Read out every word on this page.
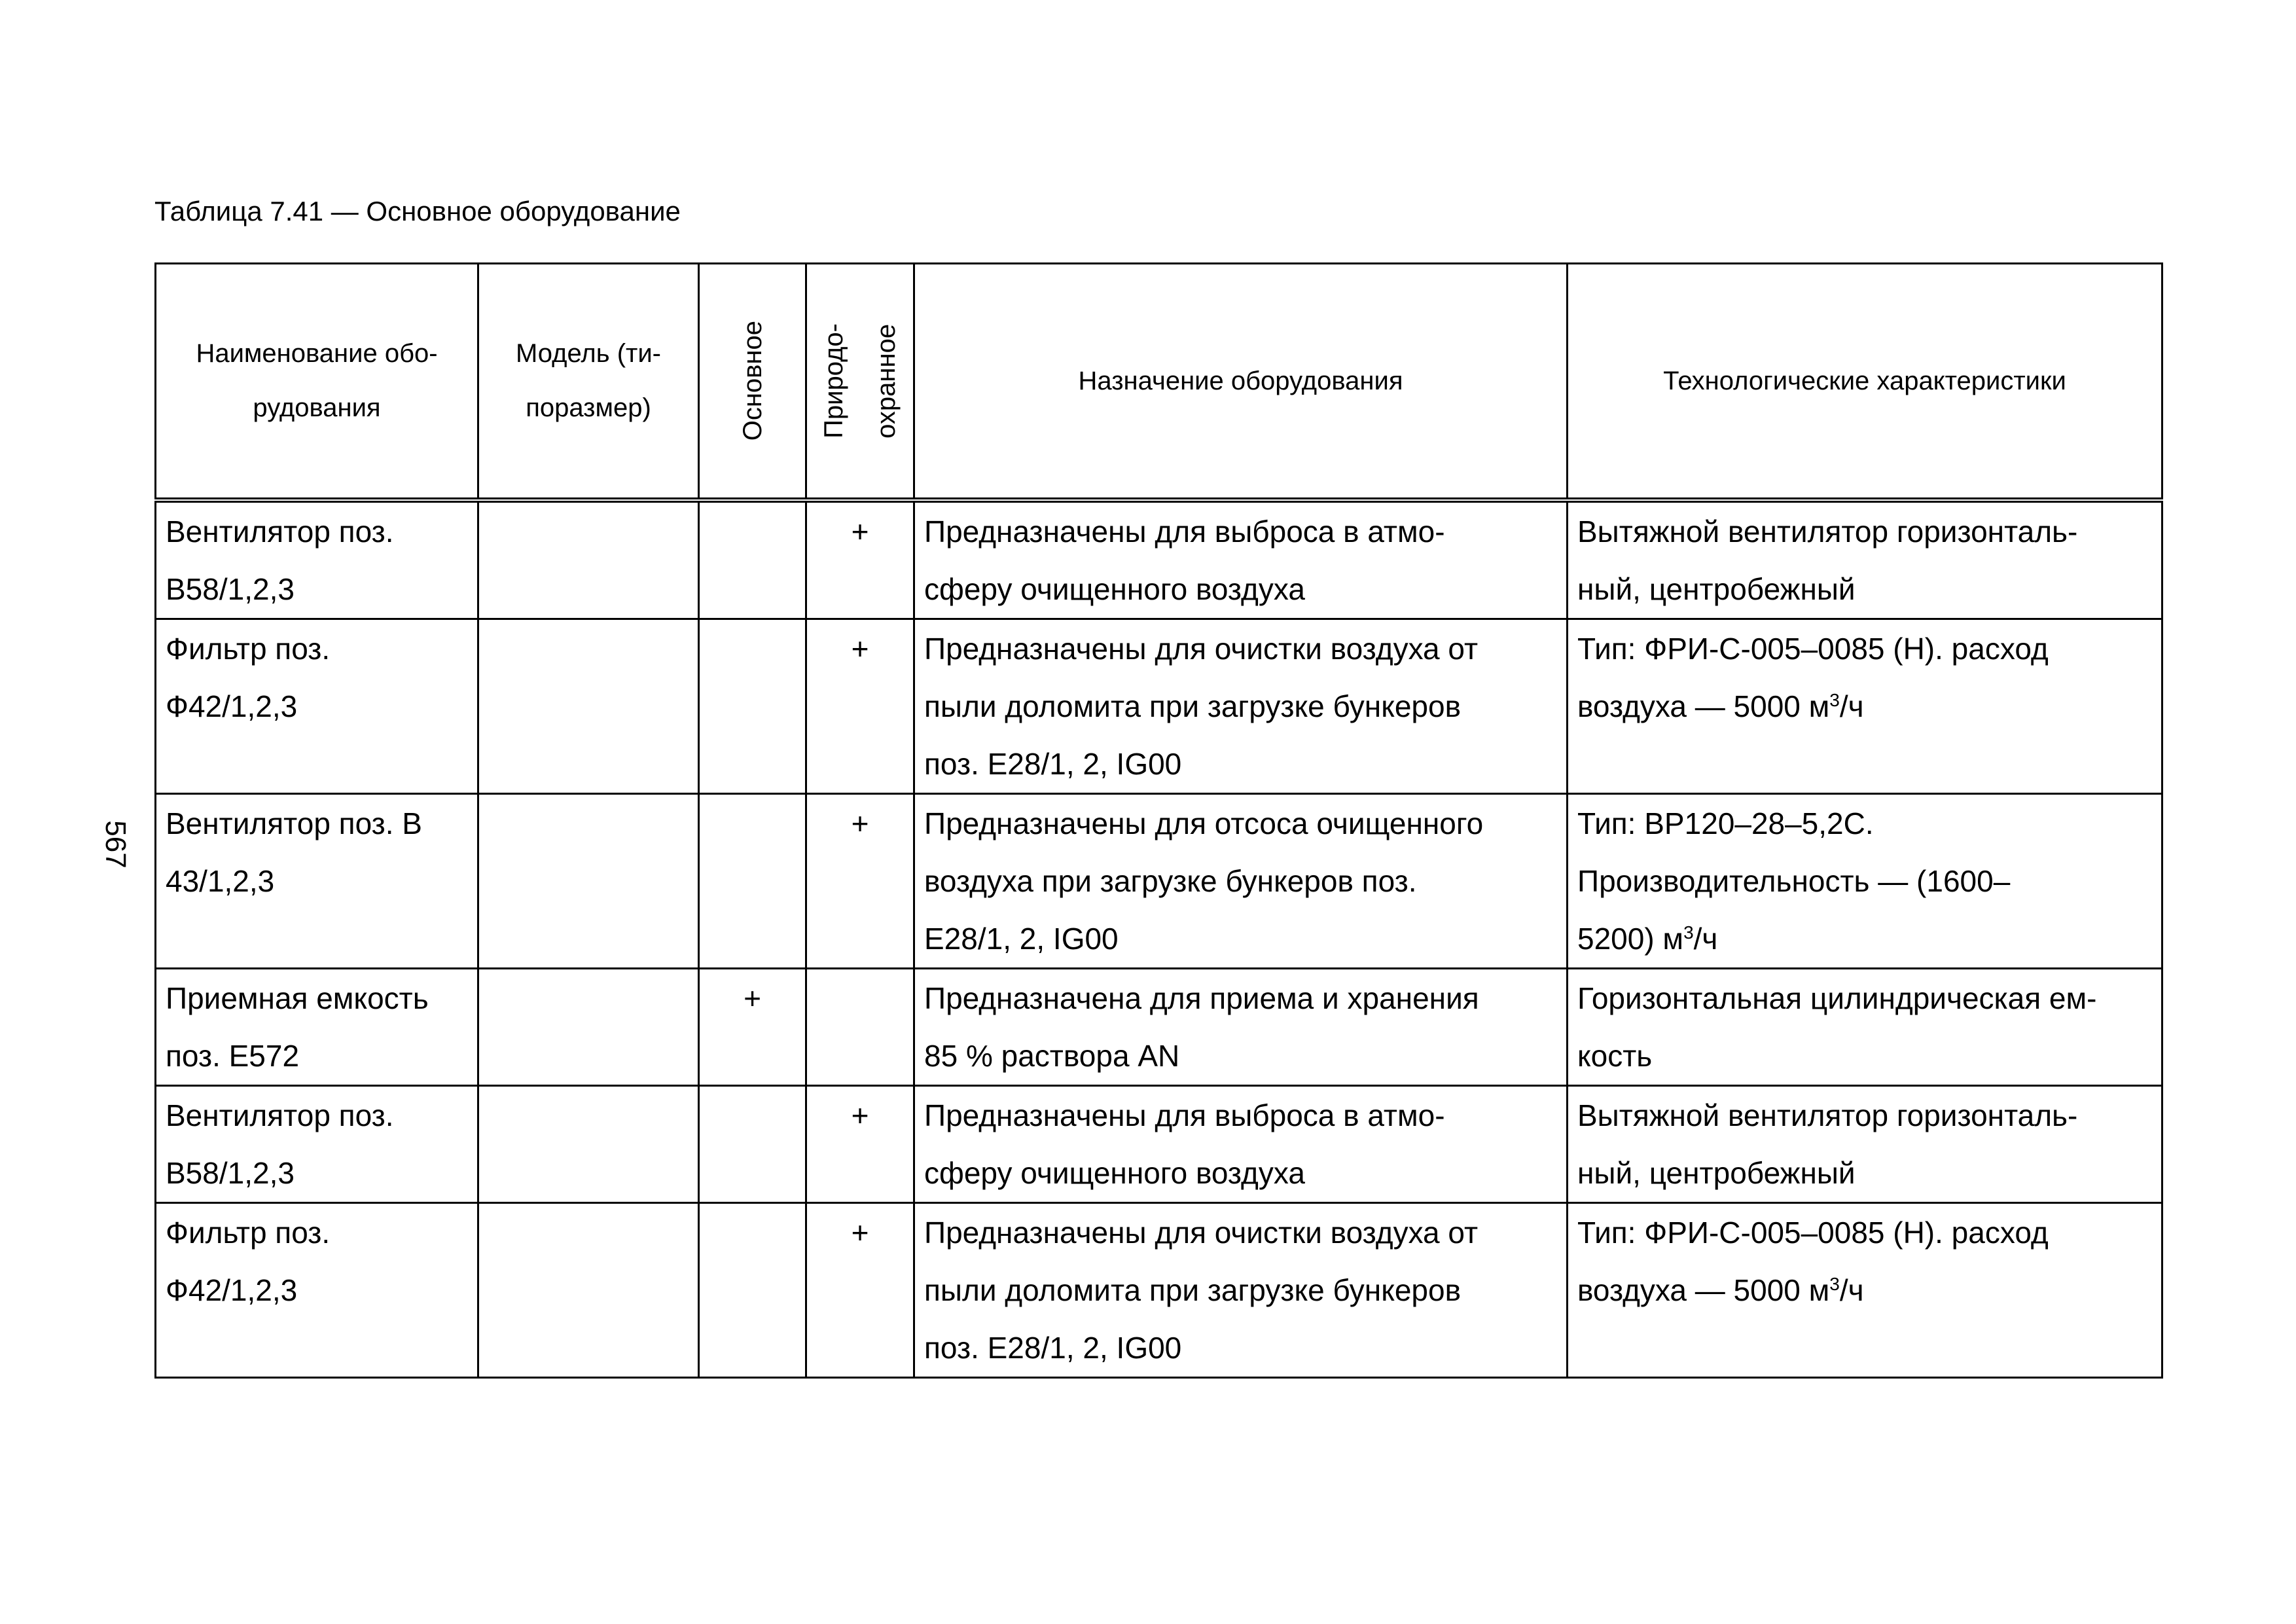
Таблица 7.41 — Основное оборудование
567
Наименование обо-
рудования	Модель (ти-
поразмер)	Основное	Природо- охранное	Назначение оборудования	Технологические характеристики

Вентилятор поз.
В58/1,2,3			+	Предназначены для выброса в атмо-
сферу очищенного воздуха	Вытяжной вентилятор горизонталь-
ный, центробежный

Фильтр поз.
Ф42/1,2,3			+	Предназначены для очистки воздуха от
пыли доломита при загрузке бункеров
поз. Е28/1, 2, IG00	Тип: ФРИ-С-005–0085 (Н). расход
воздуха — 5000 $м^3/ч$

Вентилятор поз. В
43/1,2,3			+	Предназначены для отсоса очищенного
воздуха при загрузке бункеров поз.
Е28/1, 2, IG00	Тип: ВР120–28–5,2С.
Производительность — (1600–
5200) $м^3/ч$

Приемная емкость
поз. Е572		+		Предназначена для приема и хранения
85 % раствора AN	Горизонтальная цилиндрическая ем-
кость

Вентилятор поз.
В58/1,2,3			+	Предназначены для выброса в атмо-
сферу очищенного воздуха	Вытяжной вентилятор горизонталь-
ный, центробежный

Фильтр поз.
Ф42/1,2,3			+	Предназначены для очистки воздуха от
пыли доломита при загрузке бункеров
поз. Е28/1, 2, IG00	Тип: ФРИ-С-005–0085 (Н). расход
воздуха — 5000 $м^3/ч$
